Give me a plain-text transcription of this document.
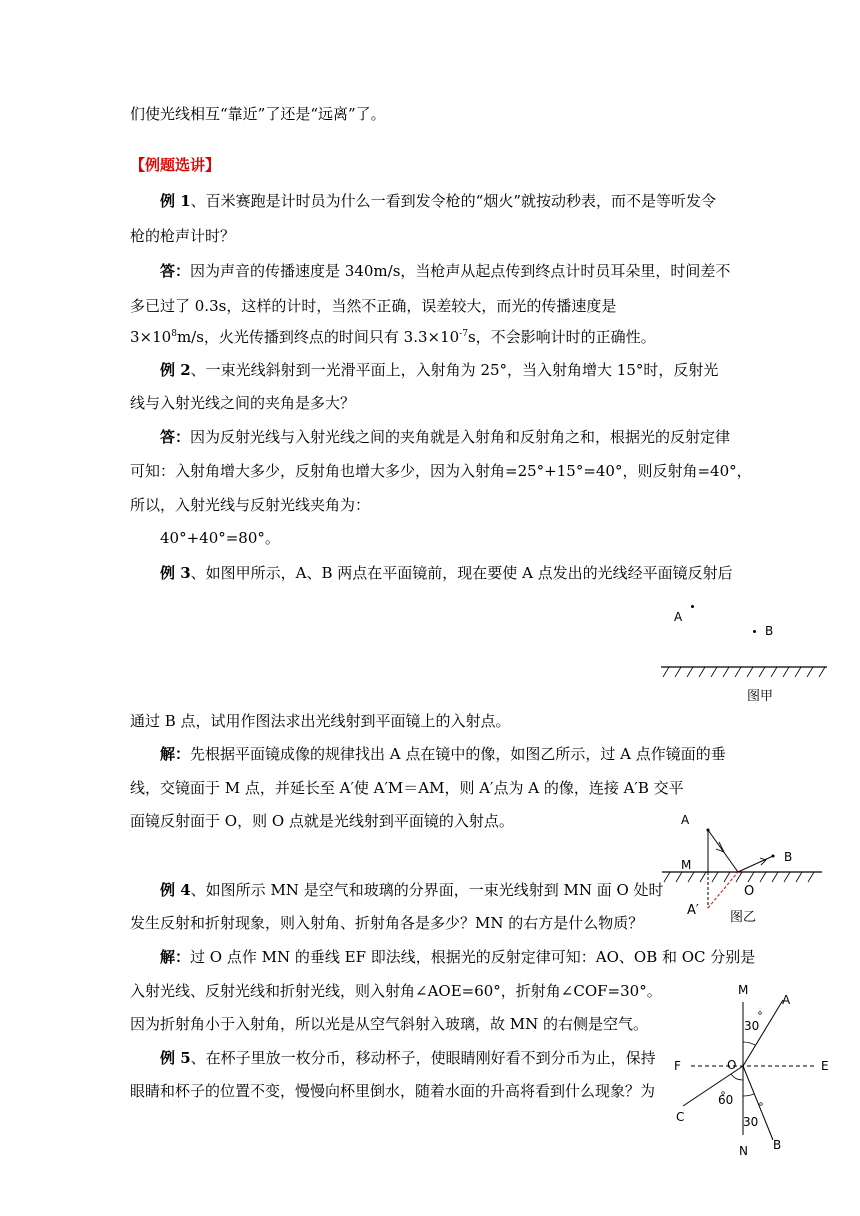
们使光线相互“靠近”了还是“远离”了。
【例题选讲】
例 1、百米赛跑是计时员为什么一看到发令枪的“烟火”就按动秒表，而不是等听发令
枪的枪声计时？
答：因为声音的传播速度是 340m/s，当枪声从起点传到终点计时员耳朵里，时间差不
多已过了 0.3s，这样的计时，当然不正确，误差较大，而光的传播速度是
$3\times 10^8m/s$，火光传播到终点的时间只有 $3.3\times 10^{-7}s$，不会影响计时的正确性。
例 2、一束光线斜射到一光滑平面上，入射角为 25°，当入射角增大 15°时，反射光
线与入射光线之间的夹角是多大？
答：因为反射光线与入射光线之间的夹角就是入射角和反射角之和，根据光的反射定律
可知：入射角增大多少，反射角也增大多少，因为入射角=25°+15°=40°，则反射角=40°，
所以，入射光线与反射光线夹角为：
40°+40°=80°。
例 3、如图甲所示，A、B 两点在平面镜前，现在要使 A 点发出的光线经平面镜反射后
A
B
图甲
通过 B 点，试用作图法求出光线射到平面镜上的入射点。
解：先根据平面镜成像的规律找出 A 点在镜中的像，如图乙所示，过 A 点作镜面的垂
线，交镜面于 M 点，并延长至 A′使 A′M＝AM，则 A′点为 A 的像，连接 A′B 交平
面镜反射面于 O，则 O 点就是光线射到平面镜的入射点。	A
M
B
O
A′ 图乙
例 4、如图所示 MN 是空气和玻璃的分界面，一束光线射到 MN 面 O 处时
发生反射和折射现象，则入射角、折射角各是多少？MN 的右方是什么物质？
解：过 O 点作 MN 的垂线 EF 即法线，根据光的反射定律可知：AO、OB 和 OC 分别是
入射光线、反射光线和折射光线，则入射角∠AOE=60°，折射角∠COF=30°。
因为折射角小于入射角，所以光是从空气斜射入玻璃，故 MN 的右侧是空气。
例 5、在杯子里放一枚分币，移动杯子，使眼睛刚好看不到分币为止，保持
眼睛和杯子的位置不变，慢慢向杯里倒水，随着水面的升高将看到什么现象？为
M
A
30
F	O	E
60
C	30
B
N
